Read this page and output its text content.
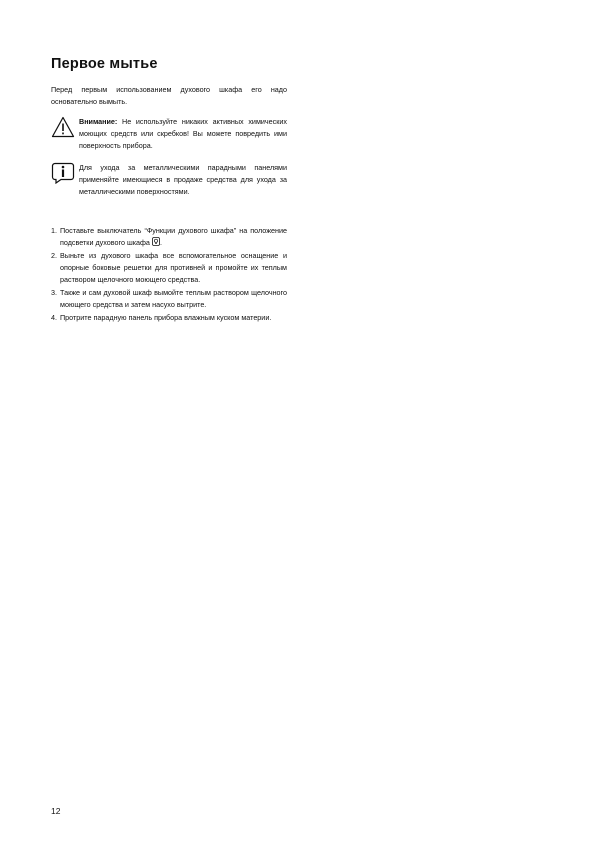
Первое мытье

Перед первым использованием духового шкафа его надо основательно вымыть.

Внимание: Не используйте никаких активных химических моющих средств или скребков! Вы можете повредить ими поверхность прибора.

Для ухода за металлическими парадными панелями применяйте имеющиеся в продаже средства для ухода за металлическими поверхностями.

1. Поставьте выключатель “Функции духового шкафа” на положение подсветки духового шкафа .
2. Выньте из духового шкафа все вспомогательное оснащение и опорные боковые решетки для противней и промойте их теплым раствором щелочного моющего средства.
3. Также и сам духовой шкаф вымойте теплым раствором щелочного моющего средства и затем насухо вытрите.
4. Протрите парадную панель прибора влажным куском материи.
12
